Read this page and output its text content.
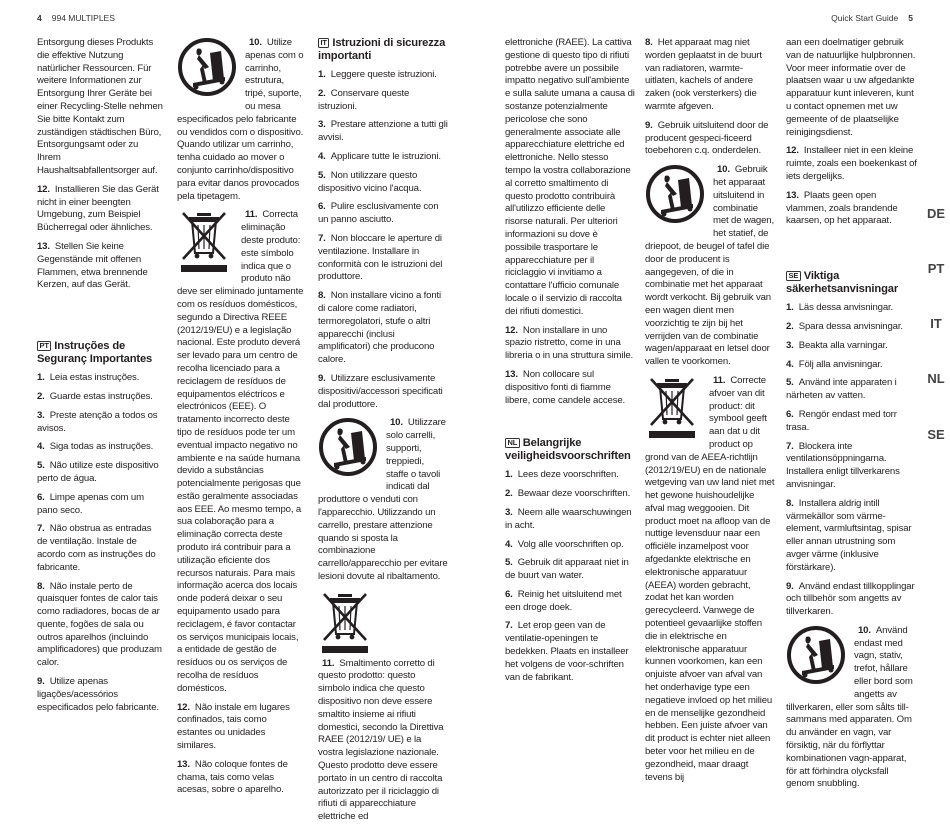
4 994 MULTIPLES	Quick Start Guide 5

Entsorgung dieses Produkts die effektive Nutzung natürlicher Ressourcen. Für weitere Informationen zur Entsorgung Ihrer Geräte bei einer Recycling-Stelle nehmen Sie bitte Kontakt zum zuständigen städtischen Büro, Entsorgungsamt oder zu Ihrem Haushaltsabfallentsorger auf.

12. Installieren Sie das Gerät nicht in einer beengten Umgebung, zum Beispiel Bücherregal oder ähnliches.

13. Stellen Sie keine Gegenstände mit offenen Flammen, etwa brennende Kerzen, auf das Gerät.

PT Instruções de Seguranç Importantes

1. Leia estas instruções.

2. Guarde estas instruções.

3. Preste atenção a todos os avisos.

4. Siga todas as instruções.

5. Não utilize este dispositivo perto de água.

6. Limpe apenas com um pano seco.

7. Não obstrua as entradas de ventilação. Instale de acordo com as instruções do fabricante.

8. Não instale perto de quaisquer fontes de calor tais como radiadores, bocas de ar quente, fogões de sala ou outros aparelhos (incluindo amplificadores) que produzam calor.

9. Utilize apenas ligações/acessórios especificados pelo fabricante.

10. Utilize apenas com o carrinho, estrutura, tripé, suporte, ou mesa especificados pelo fabricante ou vendidos com o dispositivo. Quando utilizar um carrinho, tenha cuidado ao mover o conjunto carrinho/dispositivo para evitar danos provocados pela tipetagem.

11. Correcta eliminação deste produto: este símbolo indica que o produto não deve ser eliminado juntamente com os resíduos domésticos, segundo a Directiva REEE (2012/19/EU) e a legislação nacional. Este produto deverá ser levado para um centro de recolha licenciado para a reciclagem de resíduos de equipamentos eléctricos e electrónicos (EEE). O tratamento incorrecto deste tipo de resíduos pode ter um eventual impacto negativo no ambiente e na saúde humana devido a substâncias potencialmente perigosas que estão geralmente associadas aos EEE. Ao mesmo tempo, a sua colaboração para a eliminação correcta deste produto irá contribuir para a utilização eficiente dos recursos naturais. Para mais informação acerca dos locais onde poderá deixar o seu equipamento usado para reciclagem, é favor contactar os serviços municipais locais, a entidade de gestão de resíduos ou os serviços de recolha de resíduos domésticos.

12. Não instale em lugares confinados, tais como estantes ou unidades similares.

13. Não coloque fontes de chama, tais como velas acesas, sobre o aparelho.

IT Istruzioni di sicurezza importanti

1. Leggere queste istruzioni.

2. Conservare queste istruzioni.

3. Prestare attenzione a tutti gli avvisi.

4. Applicare tutte le istruzioni.

5. Non utilizzare questo dispositivo vicino l'acqua.

6. Pulire esclusivamente con un panno asciutto.

7. Non bloccare le aperture di ventilazione. Installare in conformità con le istruzioni del produttore.

8. Non installare vicino a fonti di calore come radiatori, termoregolatori, stufe o altri apparecchi (inclusi amplificatori) che producono calore.

9. Utilizzare esclusivamente dispositivi/accessori specificati dal produttore.

10. Utilizzare solo carrelli, supporti, treppiedi, staffe o tavoli indicati dal produttore o venduti con l'apparecchio. Utilizzando un carrello, prestare attenzione quando si sposta la combinazione carrello/apparecchio per evitare lesioni dovute al ribaltamento.

11. Smaltimento corretto di questo prodotto: questo simbolo indica che questo dispositivo non deve essere smaltito insieme ai rifiuti domestici, secondo la Direttiva RAEE (2012/19/ UE) e la vostra legislazione nazionale. Questo prodotto deve essere portato in un centro di raccolta autorizzato per il riciclaggio di rifiuti di apparecchiature elettriche ed

elettroniche (RAEE). La cattiva gestione di questo tipo di rifiuti potrebbe avere un possibile impatto negativo sull'ambiente e sulla salute umana a causa di sostanze potenzialmente pericolose che sono generalmente associate alle apparecchiature elettriche ed elettroniche. Nello stesso tempo la vostra collaborazione al corretto smaltimento di questo prodotto contribuirà all'utilizzo efficiente delle risorse naturali. Per ulteriori informazioni su dove è possibile trasportare le apparecchiature per il riciclaggio vi invitiamo a contattare l'ufficio comunale locale o il servizio di raccolta dei rifiuti domestici.

12. Non installare in uno spazio ristretto, come in una libreria o in una struttura simile.

13. Non collocare sul dispositivo fonti di fiamme libere, come candele accese.

NL Belangrijke veiligheidsvoorschriften

1. Lees deze voorschriften.

2. Bewaar deze voorschriften.

3. Neem alle waarschuwingen in acht.

4. Volg alle voorschriften op.

5. Gebruik dit apparaat niet in de buurt van water.

6. Reinig het uitsluitend met een droge doek.

7. Let erop geen van de ventilatie-openingen te bedekken. Plaats en installeer het volgens de voor-schriften van de fabrikant.

8. Het apparaat mag niet worden geplaatst in de buurt van radiatoren, warmte-uitlaten, kachels of andere zaken (ook versterkers) die warmte afgeven.

9. Gebruik uitsluitend door de producent gespeci-ficeerd toebehoren c.q. onderdelen.

10. Gebruik het apparaat uitsluitend in combinatie met de wagen, het statief, de driepoot, de beugel of tafel die door de producent is aangegeven, of die in combinatie met het apparaat wordt verkocht. Bij gebruik van een wagen dient men voorzichtig te zijn bij het verrijden van de combinatie wagen/apparaat en letsel door vallen te voorkomen.

11. Correcte afvoer van dit product: dit symbool geeft aan dat u dit product op grond van de AEEA-richtlijn (2012/19/EU) en de nationale wetgeving van uw land niet met het gewone huishoudelijke afval mag weggooien. Dit product moet na afloop van de nuttige levensduur naar een officiële inzamelpost voor afgedankte elektrische en elektronische apparatuur (AEEA) worden gebracht, zodat het kan worden gerecycleerd. Vanwege de potentieel gevaarlijke stoffen die in elektrische en elektronische apparatuur kunnen voorkomen, kan een onjuiste afvoer van afval van het onderhavige type een negatieve invloed op het milieu en de menselijke gezondheid hebben. Een juiste afvoer van dit product is echter niet alleen beter voor het milieu en de gezondheid, maar draagt tevens bij

aan een doelmatiger gebruik van de natuurlijke hulpbronnen. Voor meer informatie over de plaatsen waar u uw afgedankte apparatuur kunt inleveren, kunt u contact opnemen met uw gemeente of de plaatselijke reinigingsdienst.

12. Installeer niet in een kleine ruimte, zoals een boekenkast of iets dergelijks.

13. Plaats geen open vlammen, zoals brandende kaarsen, op het apparaat.

SE Viktiga säkerhetsanvisningar

1. Läs dessa anvisningar.

2. Spara dessa anvisningar.

3. Beakta alla varningar.

4. Följ alla anvisningar.

5. Använd inte apparaten i närheten av vatten.

6. Rengör endast med torr trasa.

7. Blockera inte ventilationsöppningarna. Installera enligt tillverkarens anvisningar.

8. Installera aldrig intill värmekällor som värme-element, varmluftsintag, spisar eller annan utrustning som avger värme (inklusive förstärkare).

9. Använd endast tillkopplingar och tillbehör som angetts av tillverkaren.

10. Använd endast med vagn, stativ, trefot, hållare eller bord som angetts av tillverkaren, eller som sålts till-sammans med apparaten. Om du använder en vagn, var försiktig, när du förflyttar kombinationen vagn-apparat, för att förhindra olycksfall genom snubbling.

DE
PT
IT
NL
SE
